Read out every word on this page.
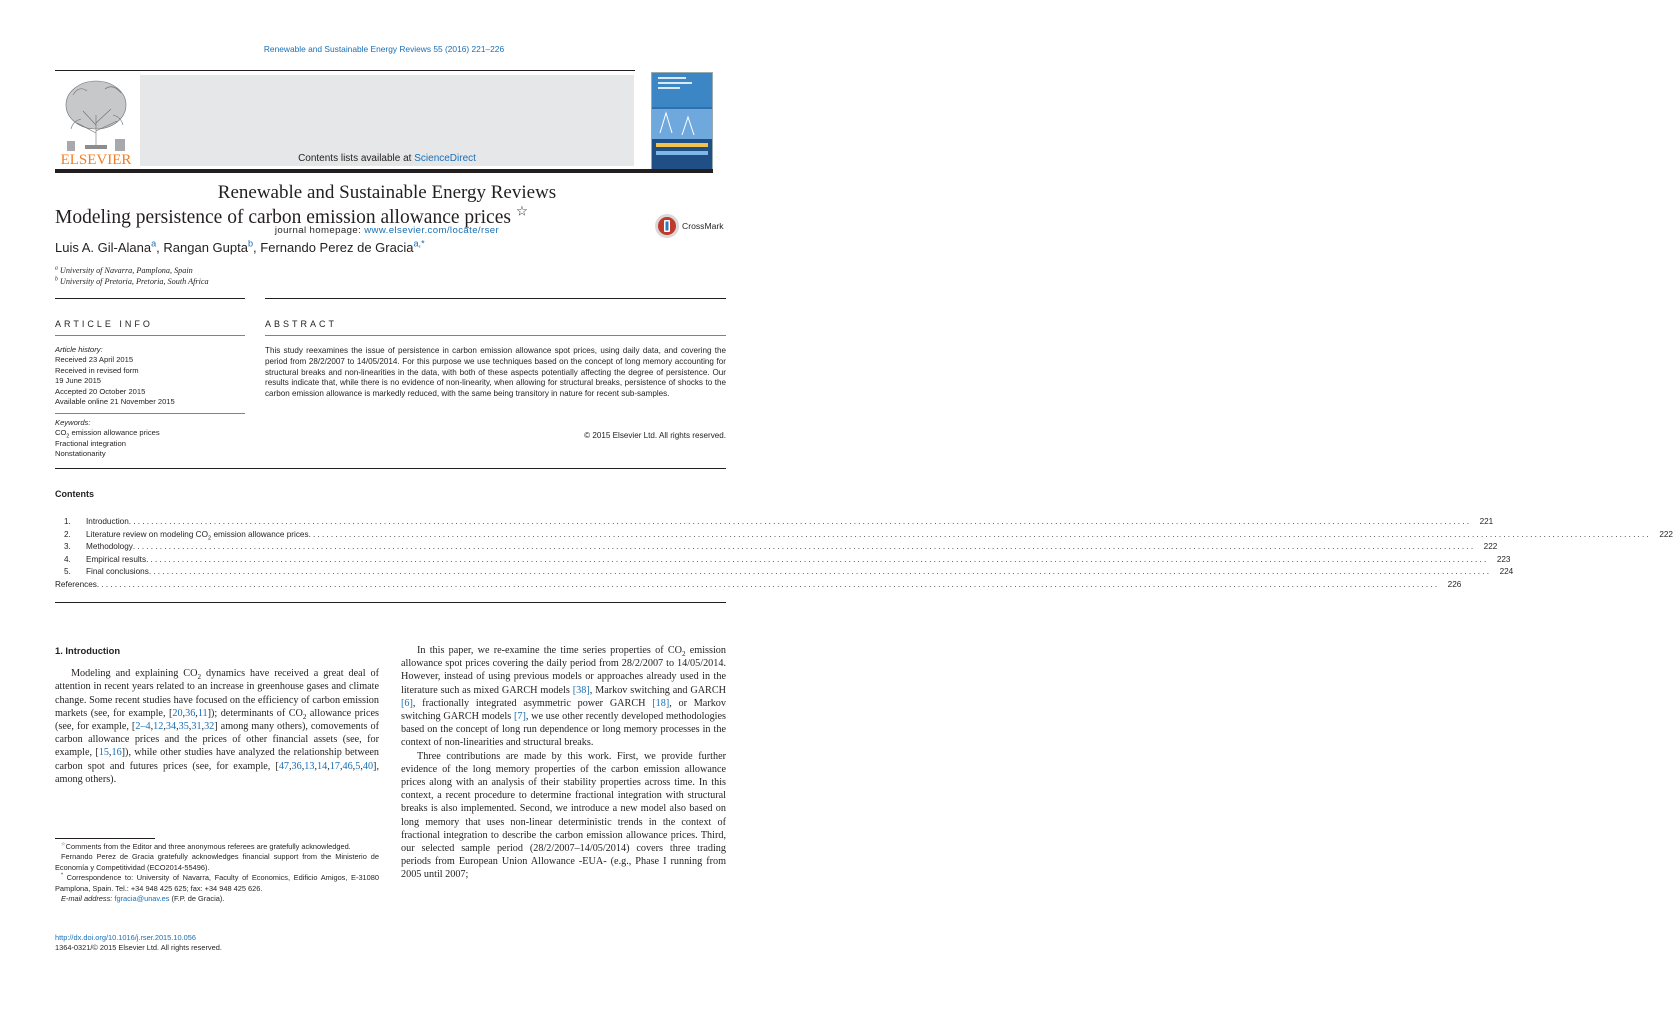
Renewable and Sustainable Energy Reviews 55 (2016) 221–226
ELSEVIER	Contents lists available at ScienceDirect
Renewable and Sustainable Energy Reviews
journal homepage: www.elsevier.com/locate/rser
Modeling persistence of carbon emission allowance prices ☆
CrossMark
Luis A. Gil-Alana$^a$, Rangan Gupta$^b$, Fernando Perez de Gracia$^{a,*}$
$^a$ University of Navarra, Pamplona, Spain
$^b$ University of Pretoria, Pretoria, South Africa
ARTICLE INFO	ABSTRACT
Article history:
Received 23 April 2015
Received in revised form
19 June 2015
Accepted 20 October 2015
Available online 21 November 2015
Keywords:
$CO_2$ emission allowance prices
Fractional integration
Nonstationarity
This study reexamines the issue of persistence in carbon emission allowance spot prices, using daily data, and covering the period from 28/2/2007 to 14/05/2014. For this purpose we use techniques based on the concept of long memory accounting for structural breaks and non-linearities in the data, with both of these aspects potentially affecting the degree of persistence. Our results indicate that, while there is no evidence of non-linearity, when allowing for structural breaks, persistence of shocks to the carbon emission allowance is markedly reduced, with the same being transitory in nature for recent sub-samples.
© 2015 Elsevier Ltd. All rights reserved.
Contents
1.	Introduction ............................................................................................................................................................................................................................................................................................................	221
2.	Literature review on modeling $CO_2$ emission allowance prices ............................................................................................................................................................................................................................................................................................................	222
3.	Methodology ............................................................................................................................................................................................................................................................................................................	222
4.	Empirical results ............................................................................................................................................................................................................................................................................................................	223
5.	Final conclusions ............................................................................................................................................................................................................................................................................................................	224
References ............................................................................................................................................................................................................................................................................................................	226
1. Introduction

Modeling and explaining $CO_2$ dynamics have received a great deal of attention in recent years related to an increase in greenhouse gases and climate change. Some recent studies have focused on the efficiency of carbon emission markets (see, for example, [20,36,11]); determinants of $CO_2$ allowance prices (see, for example, [2–4,12,34,35,31,32] among many others), comovements of carbon allowance prices and the prices of other financial assets (see, for example, [15,16]), while other studies have analyzed the relationship between carbon spot and futures prices (see, for example, [47,36,13,14,17,46,5,40], among others).

☆Comments from the Editor and three anonymous referees are gratefully acknowledged.
Fernando Perez de Gracia gratefully acknowledges financial support from the Ministerio de Economía y Competitividad (ECO2014-55496).
* Correspondence to: University of Navarra, Faculty of Economics, Edificio Amigos, E-31080 Pamplona, Spain. Tel.: +34 948 425 625; fax: +34 948 425 626.
E-mail address: fgracia@unav.es (F.P. de Gracia).
http://dx.doi.org/10.1016/j.rser.2015.10.056
1364-0321/© 2015 Elsevier Ltd. All rights reserved.

In this paper, we re-examine the time series properties of $CO_2$ emission allowance spot prices covering the daily period from 28/2/2007 to 14/05/2014. However, instead of using previous models or approaches already used in the literature such as mixed GARCH models [38], Markov switching and GARCH [6], fractionally integrated asymmetric power GARCH [18], or Markov switching GARCH models [7], we use other recently developed methodologies based on the concept of long run dependence or long memory processes in the context of non-linearities and structural breaks.

Three contributions are made by this work. First, we provide further evidence of the long memory properties of the carbon emission allowance prices along with an analysis of their stability properties across time. In this context, a recent procedure to determine fractional integration with structural breaks is also implemented. Second, we introduce a new model also based on long memory that uses non-linear deterministic trends in the context of fractional integration to describe the carbon emission allowance prices. Third, our selected sample period (28/2/2007–14/05/2014) covers three trading periods from European Union Allowance -EUA- (e.g., Phase I running from 2005 until 2007;
